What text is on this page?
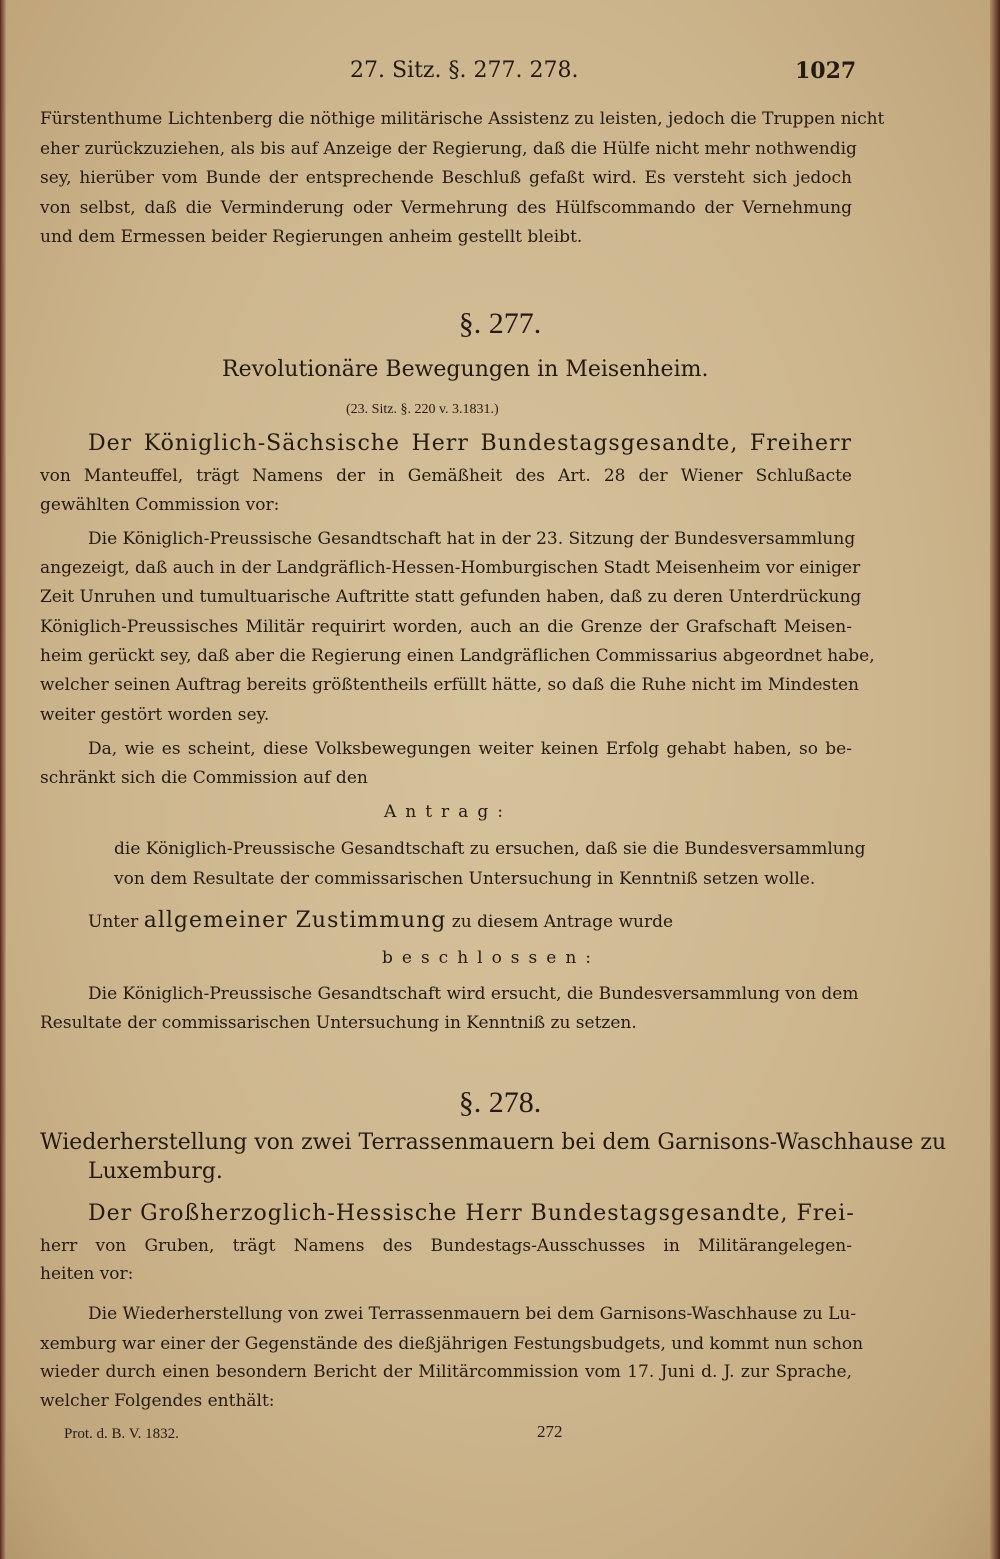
27. Sitz. §. 277. 278.	1027
Fürstenthume Lichtenberg die nöthige militärische Assistenz zu leisten, jedoch die Truppen nicht
eher zurückzuziehen, als bis auf Anzeige der Regierung, daß die Hülfe nicht mehr nothwendig
sey, hierüber vom Bunde der entsprechende Beschluß gefaßt wird. Es versteht sich jedoch
von selbst, daß die Verminderung oder Vermehrung des Hülfscommando der Vernehmung
und dem Ermessen beider Regierungen anheim gestellt bleibt.
§. 277.
Revolutionäre Bewegungen in Meisenheim.
(23. Sitz. §. 220 v. 3.1831.)
Der Königlich-Sächsische Herr Bundestagsgesandte, Freiherr
von Manteuffel, trägt Namens der in Gemäßheit des Art. 28 der Wiener Schlußacte
gewählten Commission vor:
Die Königlich-Preussische Gesandtschaft hat in der 23. Sitzung der Bundesversammlung
angezeigt, daß auch in der Landgräflich-Hessen-Homburgischen Stadt Meisenheim vor einiger
Zeit Unruhen und tumultuarische Auftritte statt gefunden haben, daß zu deren Unterdrückung
Königlich-Preussisches Militär requirirt worden, auch an die Grenze der Grafschaft Meisen-
heim gerückt sey, daß aber die Regierung einen Landgräflichen Commissarius abgeordnet habe,
welcher seinen Auftrag bereits größtentheils erfüllt hätte, so daß die Ruhe nicht im Mindesten
weiter gestört worden sey.
Da, wie es scheint, diese Volksbewegungen weiter keinen Erfolg gehabt haben, so be-
schränkt sich die Commission auf den
Antrag:
die Königlich-Preussische Gesandtschaft zu ersuchen, daß sie die Bundesversammlung
von dem Resultate der commissarischen Untersuchung in Kenntniß setzen wolle.
Unter allgemeiner Zustimmung zu diesem Antrage wurde
beschlossen:
Die Königlich-Preussische Gesandtschaft wird ersucht, die Bundesversammlung von dem
Resultate der commissarischen Untersuchung in Kenntniß zu setzen.
§. 278.
Wiederherstellung von zwei Terrassenmauern bei dem Garnisons-Waschhause zu
Luxemburg.
Der Großherzoglich-Hessische Herr Bundestagsgesandte, Frei-
herr von Gruben, trägt Namens des Bundestags-Ausschusses in Militärangelegen-
heiten vor:
Die Wiederherstellung von zwei Terrassenmauern bei dem Garnisons-Waschhause zu Lu-
xemburg war einer der Gegenstände des dießjährigen Festungsbudgets, und kommt nun schon
wieder durch einen besondern Bericht der Militärcommission vom 17. Juni d. J. zur Sprache,
welcher Folgendes enthält:
Prot. d. B. V. 1832.	272
